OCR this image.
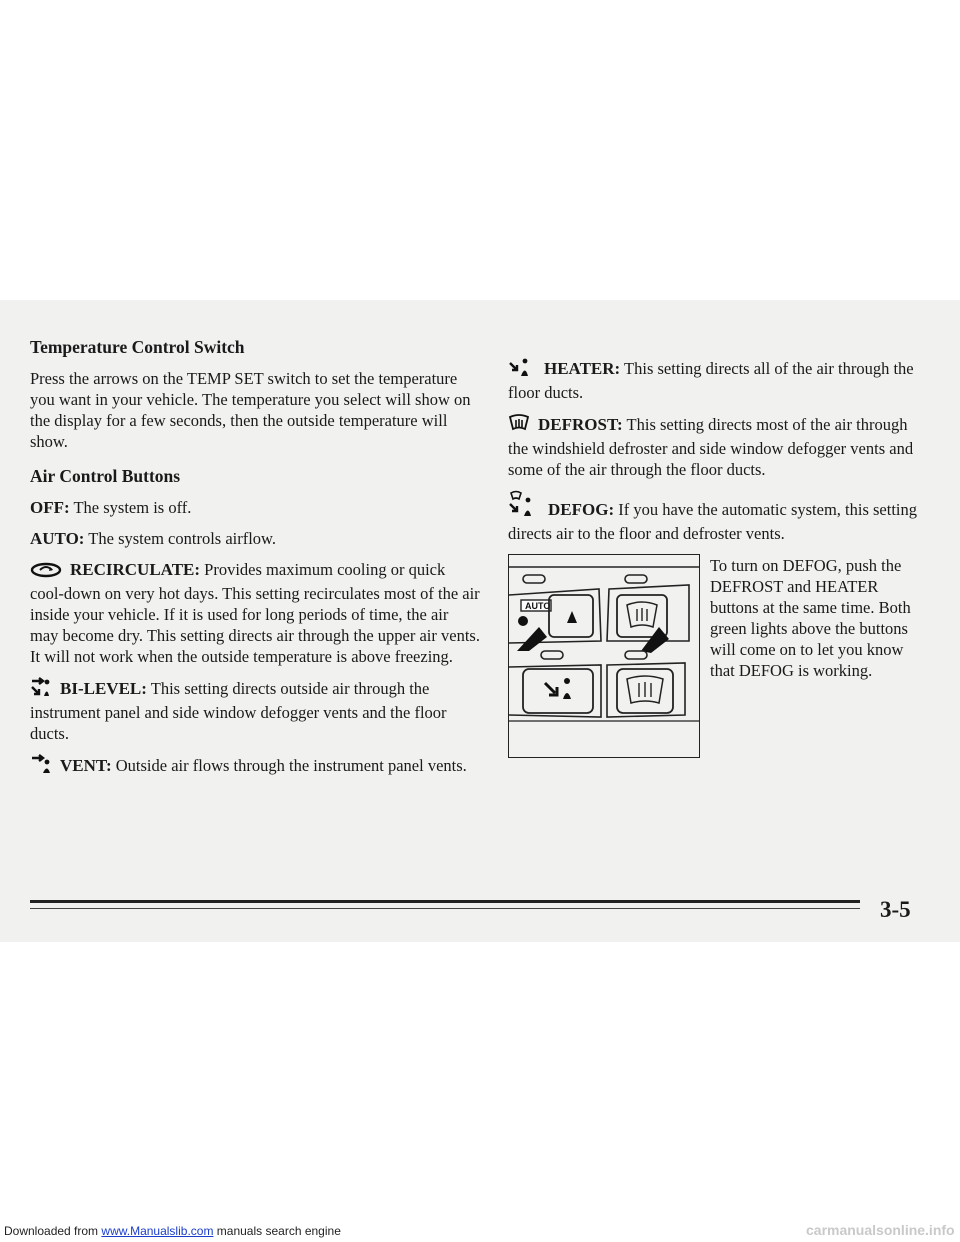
Temperature Control Switch

Press the arrows on the TEMP SET switch to set the temperature you want in your vehicle. The temperature you select will show on the display for a few seconds, then the outside temperature will show.

Air Control Buttons

OFF: The system is off.

AUTO: The system controls airflow.

RECIRCULATE: Provides maximum cooling or quick cool-down on very hot days. This setting recirculates most of the air inside your vehicle. If it is used for long periods of time, the air may become dry. This setting directs air through the upper air vents. It will not work when the outside temperature is above freezing.

BI-LEVEL: This setting directs outside air through the instrument panel and side window defogger vents and the floor ducts.

VENT: Outside air flows through the instrument panel vents.

HEATER: This setting directs all of the air through the floor ducts.

DEFROST: This setting directs most of the air through the windshield defroster and side window defogger vents and some of the air through the floor ducts.

DEFOG: If you have the automatic system, this setting directs air to the floor and defroster vents.

AUTO

To turn on DEFOG, push the DEFROST and HEATER buttons at the same time. Both green lights above the buttons will come on to let you know that DEFOG is working.

3-5
Downloaded from www.Manualslib.com manuals search engine	carmanualsonline.info
